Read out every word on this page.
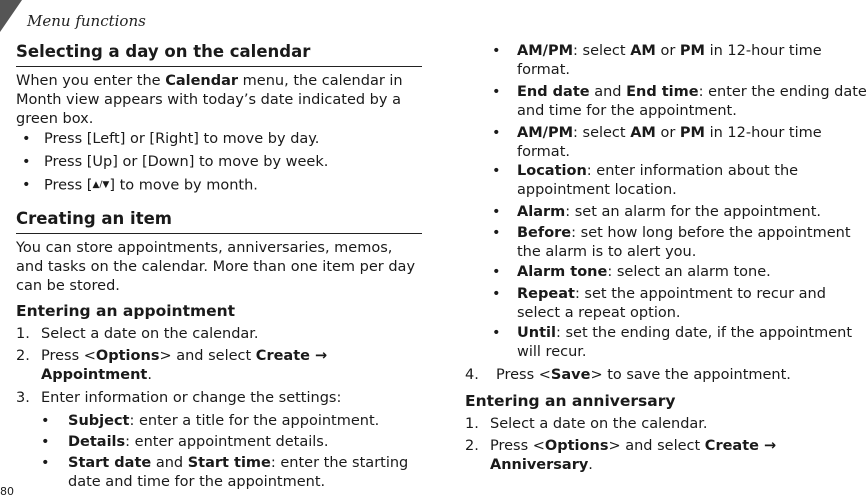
Menu functions
80
Selecting a day on the calendar
When you enter the Calendar menu, the calendar in
Month view appears with today’s date indicated by a
green box.
• Press [Left] or [Right] to move by day.
• Press [Up] or [Down] to move by week.
• Press [▲/▼] to move by month.
Creating an item
You can store appointments, anniversaries, memos,
and tasks on the calendar. More than one item per day
can be stored.
Entering an appointment
1. Select a date on the calendar.
2. Press <Options> and select Create →
Appointment.
3. Enter information or change the settings:
• Subject: enter a title for the appointment.
• Details: enter appointment details.
• Start date and Start time: enter the starting
date and time for the appointment.
• AM/PM: select AM or PM in 12-hour time
format.
• End date and End time: enter the ending date
and time for the appointment.
• AM/PM: select AM or PM in 12-hour time
format.
• Location: enter information about the
appointment location.
• Alarm: set an alarm for the appointment.
• Before: set how long before the appointment
the alarm is to alert you.
• Alarm tone: select an alarm tone.
• Repeat: set the appointment to recur and
select a repeat option.
• Until: set the ending date, if the appointment
will recur.
4. Press <Save> to save the appointment.
Entering an anniversary
1. Select a date on the calendar.
2. Press <Options> and select Create →
Anniversary.
